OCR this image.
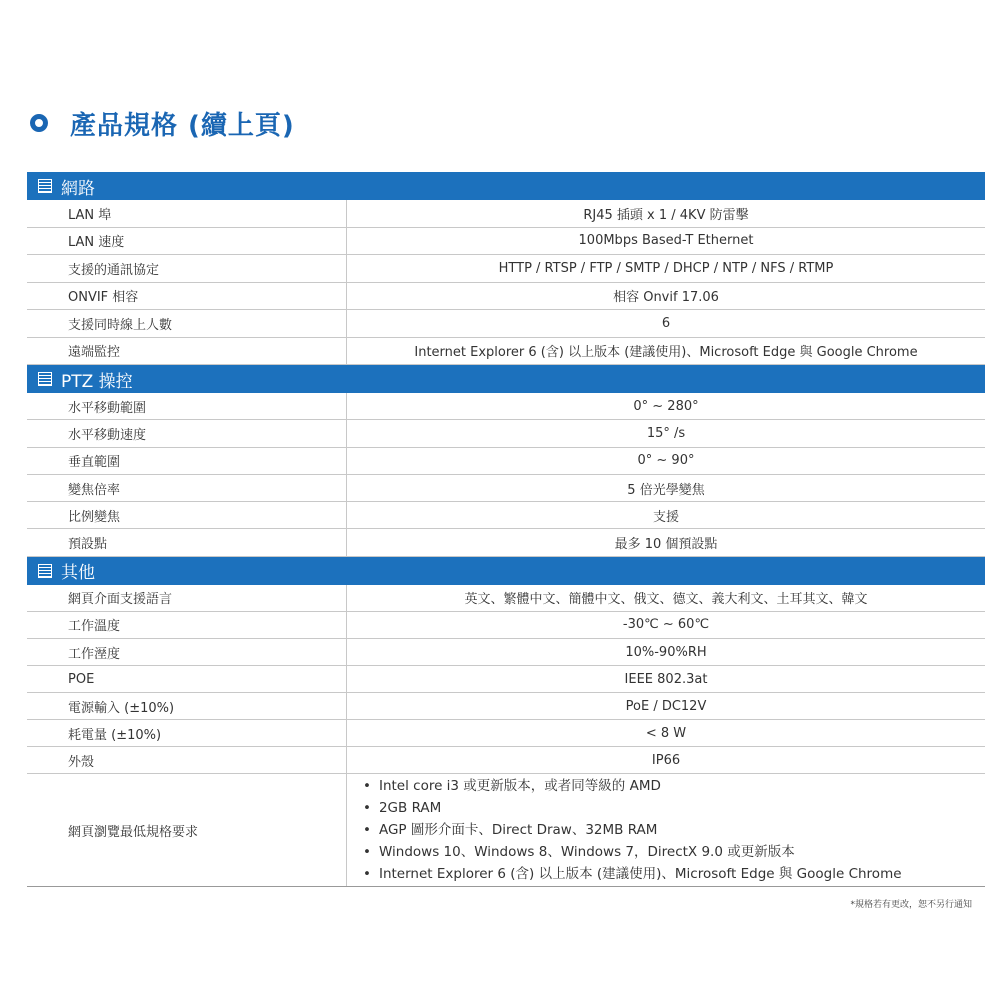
產品規格 (續上頁)
網路
LAN 埠	RJ45 插頭 x 1 / 4KV 防雷擊
LAN 速度	100Mbps Based-T Ethernet
支援的通訊協定	HTTP / RTSP / FTP / SMTP / DHCP / NTP / NFS / RTMP
ONVIF 相容	相容 Onvif 17.06
支援同時線上人數	6
遠端監控	Internet Explorer 6 (含) 以上版本 (建議使用)、Microsoft Edge 與 Google Chrome
PTZ 操控
水平移動範圍	0° ~ 280°
水平移動速度	15° /s
垂直範圍	0° ~ 90°
變焦倍率	5 倍光學變焦
比例變焦	支援
預設點	最多 10 個預設點
其他
網頁介面支援語言	英文、繁體中文、簡體中文、俄文、德文、義大利文、土耳其文、韓文
工作溫度	-30℃ ~ 60℃
工作溼度	10%-90%RH
POE	IEEE 802.3at
電源輸入 (±10%)	PoE / DC12V
耗電量 (±10%)	< 8 W
外殼	IP66
網頁瀏覽最低規格要求
• Intel core i3 或更新版本，或者同等級的 AMD
• 2GB RAM
• AGP 圖形介面卡、Direct Draw、32MB RAM
• Windows 10、Windows 8、Windows 7，DirectX 9.0 或更新版本
• Internet Explorer 6 (含) 以上版本 (建議使用)、Microsoft Edge 與 Google Chrome
*規格若有更改，恕不另行通知
